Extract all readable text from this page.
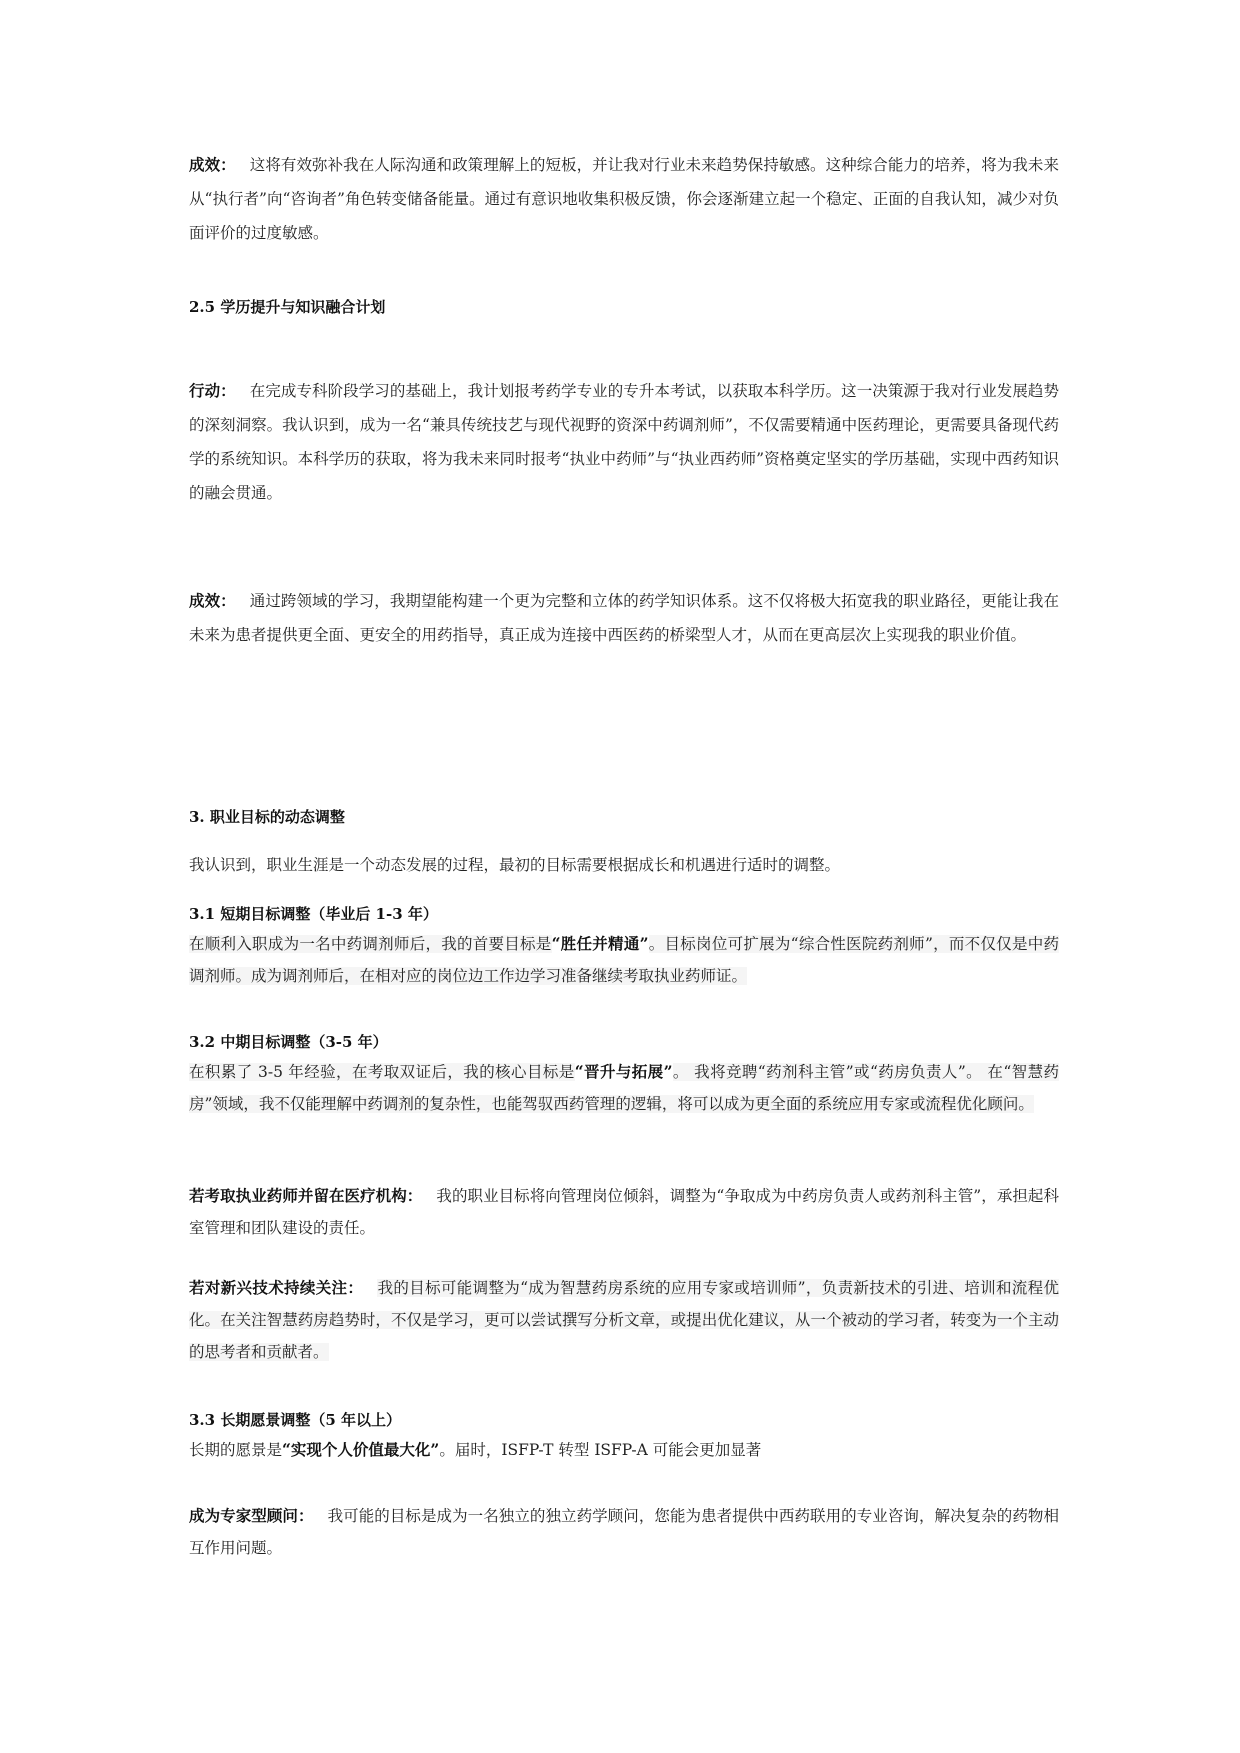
成效： 这将有效弥补我在人际沟通和政策理解上的短板，并让我对行业未来趋势保持敏感。这种综合能力的培养，将为我未来从“执行者”向“咨询者”角色转变储备能量。通过有意识地收集积极反馈，你会逐渐建立起一个稳定、正面的自我认知，减少对负面评价的过度敏感。

2.5 学历提升与知识融合计划

行动： 在完成专科阶段学习的基础上，我计划报考药学专业的专升本考试，以获取本科学历。这一决策源于我对行业发展趋势的深刻洞察。我认识到，成为一名“兼具传统技艺与现代视野的资深中药调剂师”，不仅需要精通中医药理论，更需要具备现代药学的系统知识。本科学历的获取，将为我未来同时报考“执业中药师”与“执业西药师”资格奠定坚实的学历基础，实现中西药知识的融会贯通。

成效： 通过跨领域的学习，我期望能构建一个更为完整和立体的药学知识体系。这不仅将极大拓宽我的职业路径，更能让我在未来为患者提供更全面、更安全的用药指导，真正成为连接中西医药的桥梁型人才，从而在更高层次上实现我的职业价值。

3. 职业目标的动态调整

我认识到，职业生涯是一个动态发展的过程，最初的目标需要根据成长和机遇进行适时的调整。

3.1 短期目标调整（毕业后 1-3 年）

在顺利入职成为一名中药调剂师后，我的首要目标是“胜任并精通”。目标岗位可扩展为“综合性医院药剂师”，而不仅仅是中药调剂师。成为调剂师后，在相对应的岗位边工作边学习准备继续考取执业药师证。

3.2 中期目标调整（3-5 年）

在积累了 3-5 年经验，在考取双证后，我的核心目标是“晋升与拓展”。 我将竞聘“药剂科主管”或“药房负责人”。 在“智慧药房”领域，我不仅能理解中药调剂的复杂性，也能驾驭西药管理的逻辑，将可以成为更全面的系统应用专家或流程优化顾问。

若考取执业药师并留在医疗机构： 我的职业目标将向管理岗位倾斜，调整为“争取成为中药房负责人或药剂科主管”，承担起科室管理和团队建设的责任。

若对新兴技术持续关注： 我的目标可能调整为“成为智慧药房系统的应用专家或培训师”，负责新技术的引进、培训和流程优化。在关注智慧药房趋势时，不仅是学习，更可以尝试撰写分析文章，或提出优化建议，从一个被动的学习者，转变为一个主动的思考者和贡献者。

3.3 长期愿景调整（5 年以上）

长期的愿景是“实现个人价值最大化”。届时，ISFP-T 转型 ISFP-A 可能会更加显著

成为专家型顾问： 我可能的目标是成为一名独立的独立药学顾问，您能为患者提供中西药联用的专业咨询，解决复杂的药物相互作用问题。
